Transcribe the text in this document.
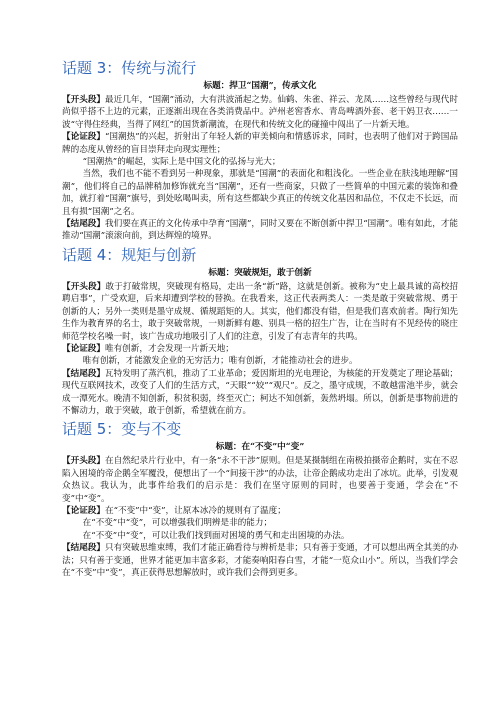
话题 3：传统与流行
标题：捍卫“国潮”，传承文化

【开头段】最近几年，“国潮”涌动，大有洪波涌起之势。仙鹤、朱雀、祥云、龙凤……这些曾经与现代时尚似乎搭不上边的元素，正逐渐出现在各类消费品中。泸州老窖香水、青岛啤酒外套、老干妈卫衣……一波“守得住经典，当得了网红”的国货新潮流，在现代和传统文化的碰撞中闯出了一片新天地。

【论证段】“国潮热”的兴起，折射出了年轻人新的审美倾向和情感诉求，同时，也表明了他们对于跨国品牌的态度从曾经的盲目崇拜走向现实理性；

“国潮热”的崛起，实际上是中国文化的弘扬与光大；

当然，我们也不能不看到另一种现象，那就是“国潮”的表面化和粗浅化。一些企业在肤浅地理解“国潮”，他们将自己的品牌稍加修饰就充当“国潮”，还有一些商家，只做了一些简单的中国元素的装饰和叠加，就打着“国潮”旗号，到处吆喝叫卖，所有这些都缺少真正的传统文化基因和品位，不仅走不长远，而且有损“国潮”之名。

【结尾段】我们要在真正的文化传承中孕育“国潮”，同时又要在不断创新中捍卫“国潮”。唯有如此，才能推动“国潮”滚滚向前，到达辉煌的境界。

话题 4：规矩与创新
标题：突破规矩，敢于创新

【开头段】敢于打破常规，突破现有格局，走出一条“新”路，这就是创新。被称为“史上最具诚的高校招聘启事”，广受欢迎，后来却遭到学校的替换。在我看来，这正代表两类人：一类是敢于突破常规、勇于创新的人；另外一类则是墨守成规、循规蹈矩的人。其实，他们都没有错，但是我们喜欢前者。陶行知先生作为教育界的名士，敢于突破常规，一则新鲜有趣、别具一格的招生广告，让在当时有不见经传的晓庄师范学校名噪一时，该广告成功地吸引了人们的注意，引发了有志青年的共鸣。

【论证段】唯有创新，才会发现一片新天地；

唯有创新，才能激发企业的无穷活力；唯有创新，才能推动社会的进步。

【结尾段】瓦特发明了蒸汽机，推动了工业革命；爱因斯坦的光电理论，为核能的开发奠定了理论基础；现代互联网技术，改变了人们的生活方式，“天眼”“姣”“观尺”。反之，墨守成规，不敢越雷池半步，就会成一潭死水。晚清不知创新，积贫积弱，终至灭亡；柯达不知创新，轰然坍塌。所以，创新是事物前进的不懈动力，敢于突破，敢于创新，希望就在前方。

话题 5：变与不变
标题：在“不变”中“变”

【开头段】在自然纪录片行业中，有一条“永不干涉”原则。但是某摄制组在南极拍摄帝企鹅时，实在不忍陷入困境的帝企鹅全军覆没，便想出了一个“间接干涉”的办法，让帝企鹅成功走出了冰坑。此举，引发观众热议。我认为，此事件给我们的启示是：我们在坚守原则的同时，也要善于变通，学会在“不变”中“变”。

【论证段】在“不变”中“变”，让原本冰冷的规则有了温度；

在“不变”中“变”，可以增强我们明辨是非的能力；

在“不变”中“变”，可以让我们找到面对困境的勇气和走出困境的办法。

【结尾段】只有突破思维束缚，我们才能正确看待与辨析是非；只有善于变通，才可以想出两全其美的办法；只有善于变通，世界才能更加丰富多彩，才能奏响阳春白雪，才能“一览众山小”。所以，当我们学会在“不变”中“变”，真正获得思想解放时，或许我们会得到更多。
